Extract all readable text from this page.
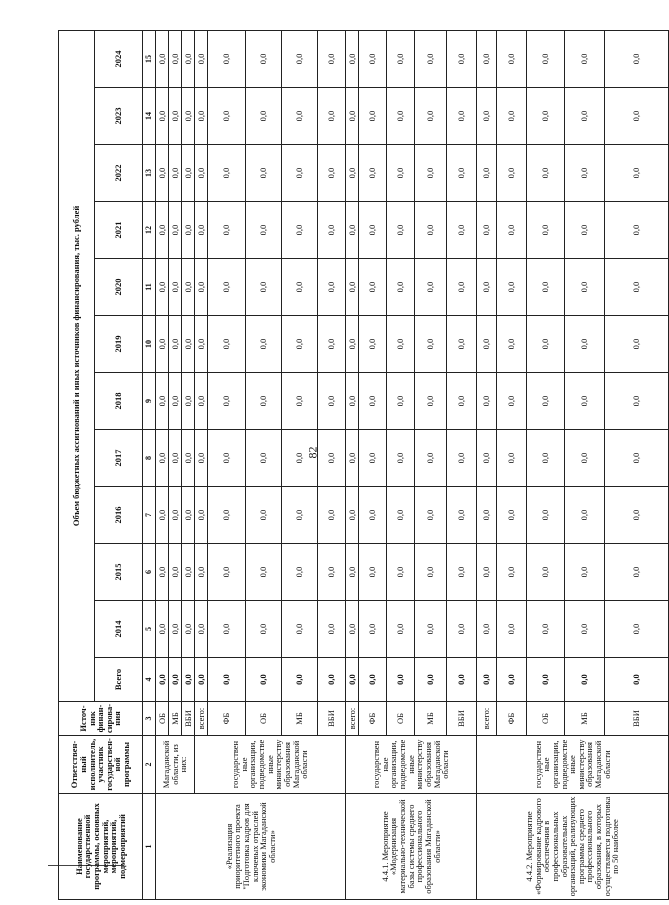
82
Наименование государственной программы, основных мероприятий, мероприятий, подмероприятий	Ответствен-ный исполнитель, участник государствен-ной программы	Источ-ник финан-сирова-ния	Объем бюджетных ассигнований и иных источников финансирования, тыс. рублей											
			Всего	2014	2015	2016	2017	2018	2019	2020	2021	2022	2023	2024
1	2	3	4	5	6	7	8	9	10	11	12	13	14	15
«Реализация приоритетного проекта "Подготовка кадров для ключевых отраслей экономики Магаданской области»	Магаданской области, из них:	ОБ	0,0	0,0	0,0	0,0	0,0	0,0	0,0	0,0	0,0	0,0	0,0	0,0
		МБ	0,0	0,0	0,0	0,0	0,0	0,0	0,0	0,0	0,0	0,0	0,0	0,0
		ВБИ	0,0	0,0	0,0	0,0	0,0	0,0	0,0	0,0	0,0	0,0	0,0	0,0
	государствен ные организации, подведомстве нные министерству образования Магаданской области	всего:	0,0	0,0	0,0	0,0	0,0	0,0	0,0	0,0	0,0	0,0	0,0	0,0
		ФБ	0,0	0,0	0,0	0,0	0,0	0,0	0,0	0,0	0,0	0,0	0,0	0,0
		ОБ	0,0	0,0	0,0	0,0	0,0	0,0	0,0	0,0	0,0	0,0	0,0	0,0
		МБ	0,0	0,0	0,0	0,0	0,0	0,0	0,0	0,0	0,0	0,0	0,0	0,0
		ВБИ	0,0	0,0	0,0	0,0	0,0	0,0	0,0	0,0	0,0	0,0	0,0	0,0
4.4.1. Мероприятие «Модернизация материально-технической базы системы среднего профессионального образования Магаданской области»	государствен ные организации, подведомстве нные министерству образования Магаданской области	всего:	0,0	0,0	0,0	0,0	0,0	0,0	0,0	0,0	0,0	0,0	0,0	0,0
		ФБ	0,0	0,0	0,0	0,0	0,0	0,0	0,0	0,0	0,0	0,0	0,0	0,0
		ОБ	0,0	0,0	0,0	0,0	0,0	0,0	0,0	0,0	0,0	0,0	0,0	0,0
		МБ	0,0	0,0	0,0	0,0	0,0	0,0	0,0	0,0	0,0	0,0	0,0	0,0
		ВБИ	0,0	0,0	0,0	0,0	0,0	0,0	0,0	0,0	0,0	0,0	0,0	0,0
4.4.2. Мероприятие «Формирование кадрового обеспечения в профессиональных образовательных организаций, реализующих программы среднего профессионального образования, в которых осуществляется подготовка по 50 наиболее	государствен ные организации, подведомстве нные министерству образования Магаданской области	всего:	0,0	0,0	0,0	0,0	0,0	0,0	0,0	0,0	0,0	0,0	0,0	0,0
		ФБ	0,0	0,0	0,0	0,0	0,0	0,0	0,0	0,0	0,0	0,0	0,0	0,0
		ОБ	0,0	0,0	0,0	0,0	0,0	0,0	0,0	0,0	0,0	0,0	0,0	0,0
		МБ	0,0	0,0	0,0	0,0	0,0	0,0	0,0	0,0	0,0	0,0	0,0	0,0
		ВБИ	0,0	0,0	0,0	0,0	0,0	0,0	0,0	0,0	0,0	0,0	0,0	0,0
